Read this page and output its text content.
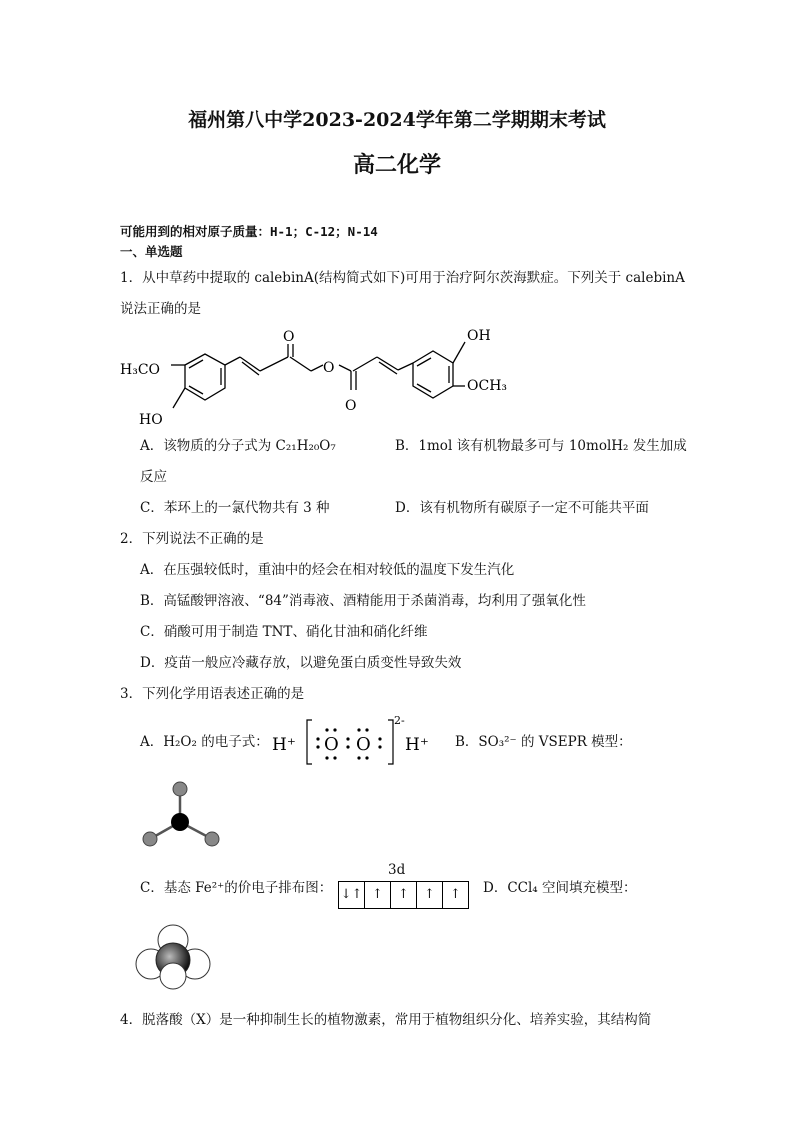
福州第八中学2023-2024学年第二学期期末考试
高二化学
可能用到的相对原子质量：H-1；C-12；N-14
一、单选题
1．从中草药中提取的 calebinA(结构简式如下)可用于治疗阿尔茨海默症。下列关于 calebinA
说法正确的是
H₃CO
HO
O
O
O
OH
OCH₃
A．该物质的分子式为 C₂₁H₂₀O₇	B．1mol 该有机物最多可与 10molH₂ 发生加成
反应
C．苯环上的一氯代物共有 3 种	D．该有机物所有碳原子一定不可能共平面
2．下列说法不正确的是
A．在压强较低时，重油中的烃会在相对较低的温度下发生汽化
B．高锰酸钾溶液、“84”消毒液、酒精能用于杀菌消毒，均利用了强氧化性
C．硝酸可用于制造 TNT、硝化甘油和硝化纤维
D．疫苗一般应冷藏存放，以避免蛋白质变性导致失效
3．下列化学用语表述正确的是
A．H₂O₂ 的电子式： H⁺ O O
2-
H⁺ B．SO₃²⁻ 的 VSEPR 模型：
C．基态 Fe²⁺的价电子排布图：
3d
↓↑ ↑	↑	↑	↑	D．CCl₄ 空间填充模型：
4．脱落酸（X）是一种抑制生长的植物激素，常用于植物组织分化、培养实验，其结构简
